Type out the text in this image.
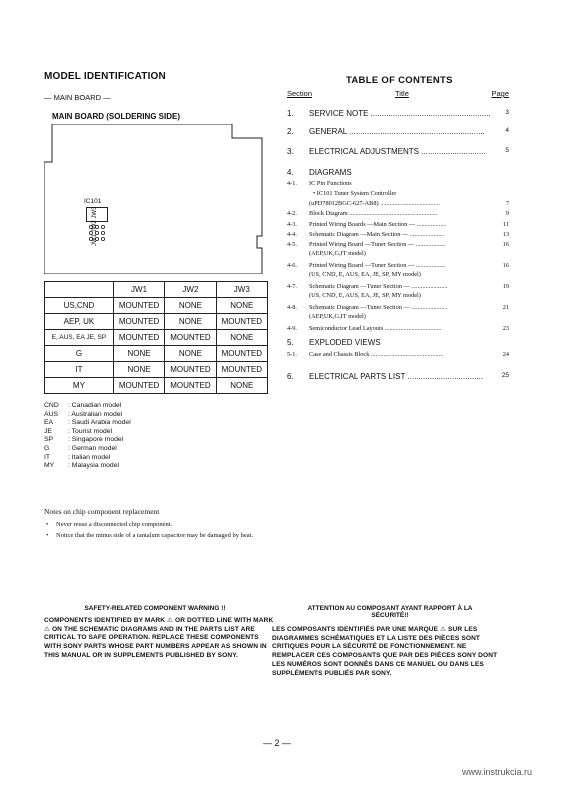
MODEL IDENTIFICATION
— MAIN BOARD —
MAIN BOARD (SOLDERING SIDE)
IC101
JW1 JW2 JW3
	JW1	JW2	JW3
US,CND	MOUNTED	NONE	NONE
AEP, UK	MOUNTED	NONE	MOUNTED
E, AUS, EA JE, SP	MOUNTED	MOUNTED	NONE
G	NONE	NONE	MOUNTED
IT	NONE	MOUNTED	MOUNTED
MY	MOUNTED	MOUNTED	NONE
CND : Canadian model
AUS : Australian model
EA : Saudi Arabia model
JE : Tourist model
SP : Singapore model
G	: German model
IT	: Italian model
MY : Malaysia model
Notes on chip component replacement
• Never reuse a disconnected chip component.
• Notice that the minus side of a tantalum capacitor may be damaged by heat.
TABLE OF CONTENTS
Section	Title	Page
1. SERVICE NOTE ...................................................... 3
2. GENERAL .............................................................	4
3. ELECTRICAL ADJUSTMENTS .............................	5
4. DIAGRAMS
4-1. IC Pin Functions
• IC101 Tuner System Controller
(uPD78012BGC-627-AB8) ......................................	7
4-2. Block Diagram ........................................................	9
4-3. Printed Wiring Boards —Main Section — ...................	11
4-4. Schematic Diagram —Main Section — ......................	13
4-5. Printed Wiring Board —Tuner Section — ...................	16
(AEP,UK,G,IT model)
4-6. Printed Wiring Board —Tuner Section — ...................	16
(US, CND, E, AUS, EA, JE, SP, MY model)
4-7. Schematic Diagram —Tuner Section — .......................	19
(US, CND, E, AUS, EA, JE, SP, MY model)
4-8. Schematic Diagram —Tuner Section — .......................	21
(AEP,UK,G,IT model)
4-9. Semiconductor Lead Layouts ....................................	23
5. EXPLODED VIEWS
5-1. Case and Chassis Block ..............................................	24
6. ELECTRICAL PARTS LIST ..................................	25
SAFETY-RELATED COMPONENT WARNING !!
COMPONENTS IDENTIFIED BY MARK ⚠ OR DOTTED LINE WITH MARK ⚠ ON THE SCHEMATIC DIAGRAMS AND IN THE PARTS LIST ARE CRITICAL TO SAFE OPERATION. REPLACE THESE COMPONENTS WITH SONY PARTS WHOSE PART NUMBERS APPEAR AS SHOWN IN THIS MANUAL OR IN SUPPLEMENTS PUBLISHED BY SONY.
ATTENTION AU COMPOSANT AYANT RAPPORT À LA SÉCURITÉ!!
LES COMPOSANTS IDENTIFIÉS PAR UNE MARQUE ⚠ SUR LES DIAGRAMMES SCHÉMATIQUES ET LA LISTE DES PIÈCES SONT CRITIQUES POUR LA SÉCURITÉ DE FONCTIONNEMENT. NE REMPLACER CES COMPOSANTS QUE PAR DES PIÈCES SONY DONT LES NUMÉROS SONT DONNÉS DANS CE MANUEL OU DANS LES SUPPLÉMENTS PUBLIÉS PAR SONY.
— 2 —
www.instrukcia.ru
